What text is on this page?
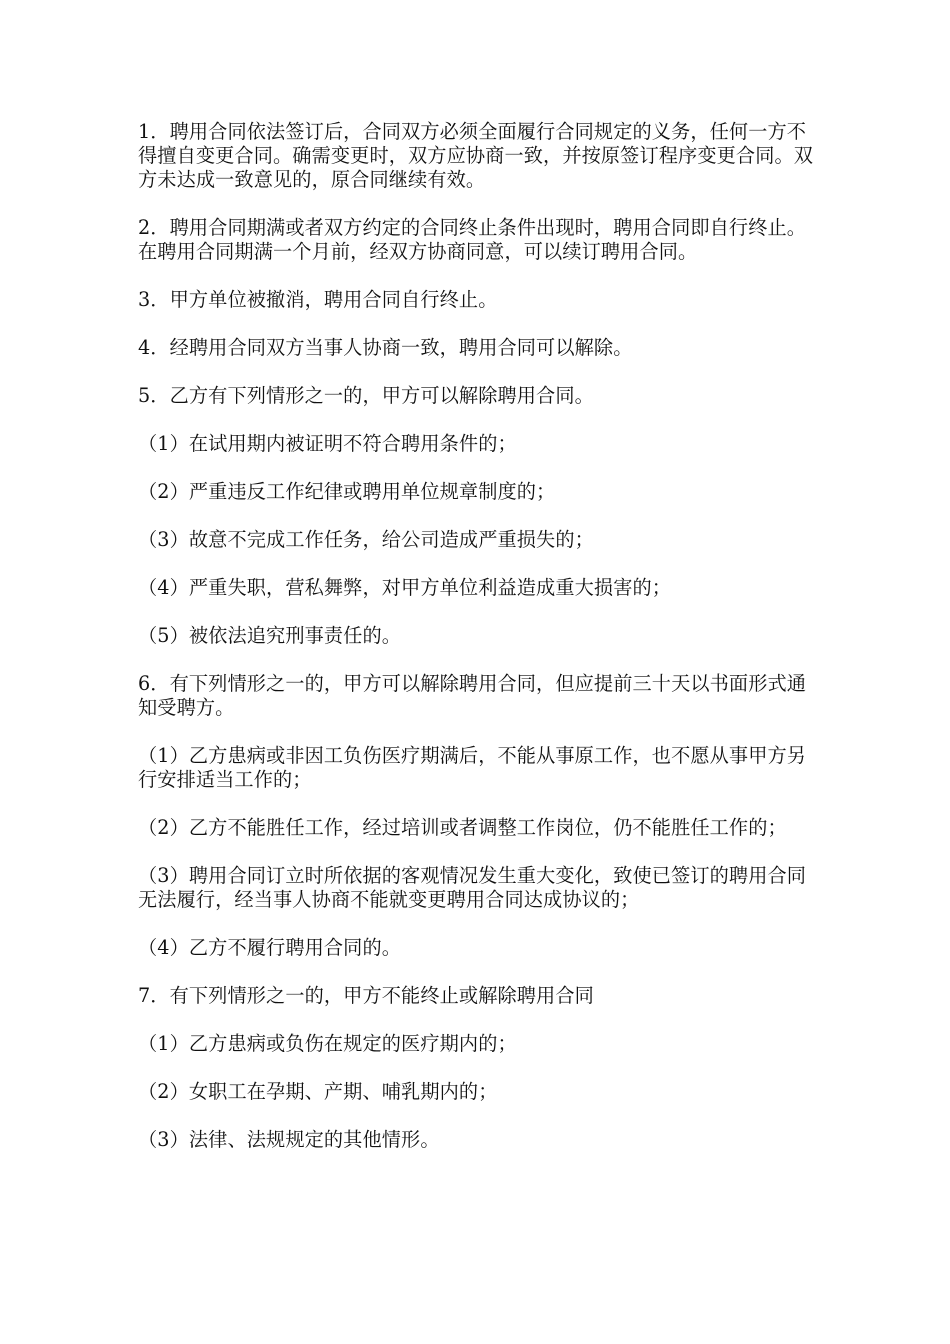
1．聘用合同依法签订后，合同双方必须全面履行合同规定的义务，任何一方不得擅自变更合同。确需变更时，双方应协商一致，并按原签订程序变更合同。双方未达成一致意见的，原合同继续有效。

2．聘用合同期满或者双方约定的合同终止条件出现时，聘用合同即自行终止。在聘用合同期满一个月前，经双方协商同意，可以续订聘用合同。

3．甲方单位被撤消，聘用合同自行终止。

4．经聘用合同双方当事人协商一致，聘用合同可以解除。

5．乙方有下列情形之一的，甲方可以解除聘用合同。

（1）在试用期内被证明不符合聘用条件的；

（2）严重违反工作纪律或聘用单位规章制度的；

（3）故意不完成工作任务，给公司造成严重损失的；

（4）严重失职，营私舞弊，对甲方单位利益造成重大损害的；

（5）被依法追究刑事责任的。

6．有下列情形之一的，甲方可以解除聘用合同，但应提前三十天以书面形式通知受聘方。

（1）乙方患病或非因工负伤医疗期满后，不能从事原工作，也不愿从事甲方另行安排适当工作的；

（2）乙方不能胜任工作，经过培训或者调整工作岗位，仍不能胜任工作的；

（3）聘用合同订立时所依据的客观情况发生重大变化，致使已签订的聘用合同无法履行，经当事人协商不能就变更聘用合同达成协议的；

（4）乙方不履行聘用合同的。

7．有下列情形之一的，甲方不能终止或解除聘用合同

（1）乙方患病或负伤在规定的医疗期内的；

（2）女职工在孕期、产期、哺乳期内的；

（3）法律、法规规定的其他情形。
